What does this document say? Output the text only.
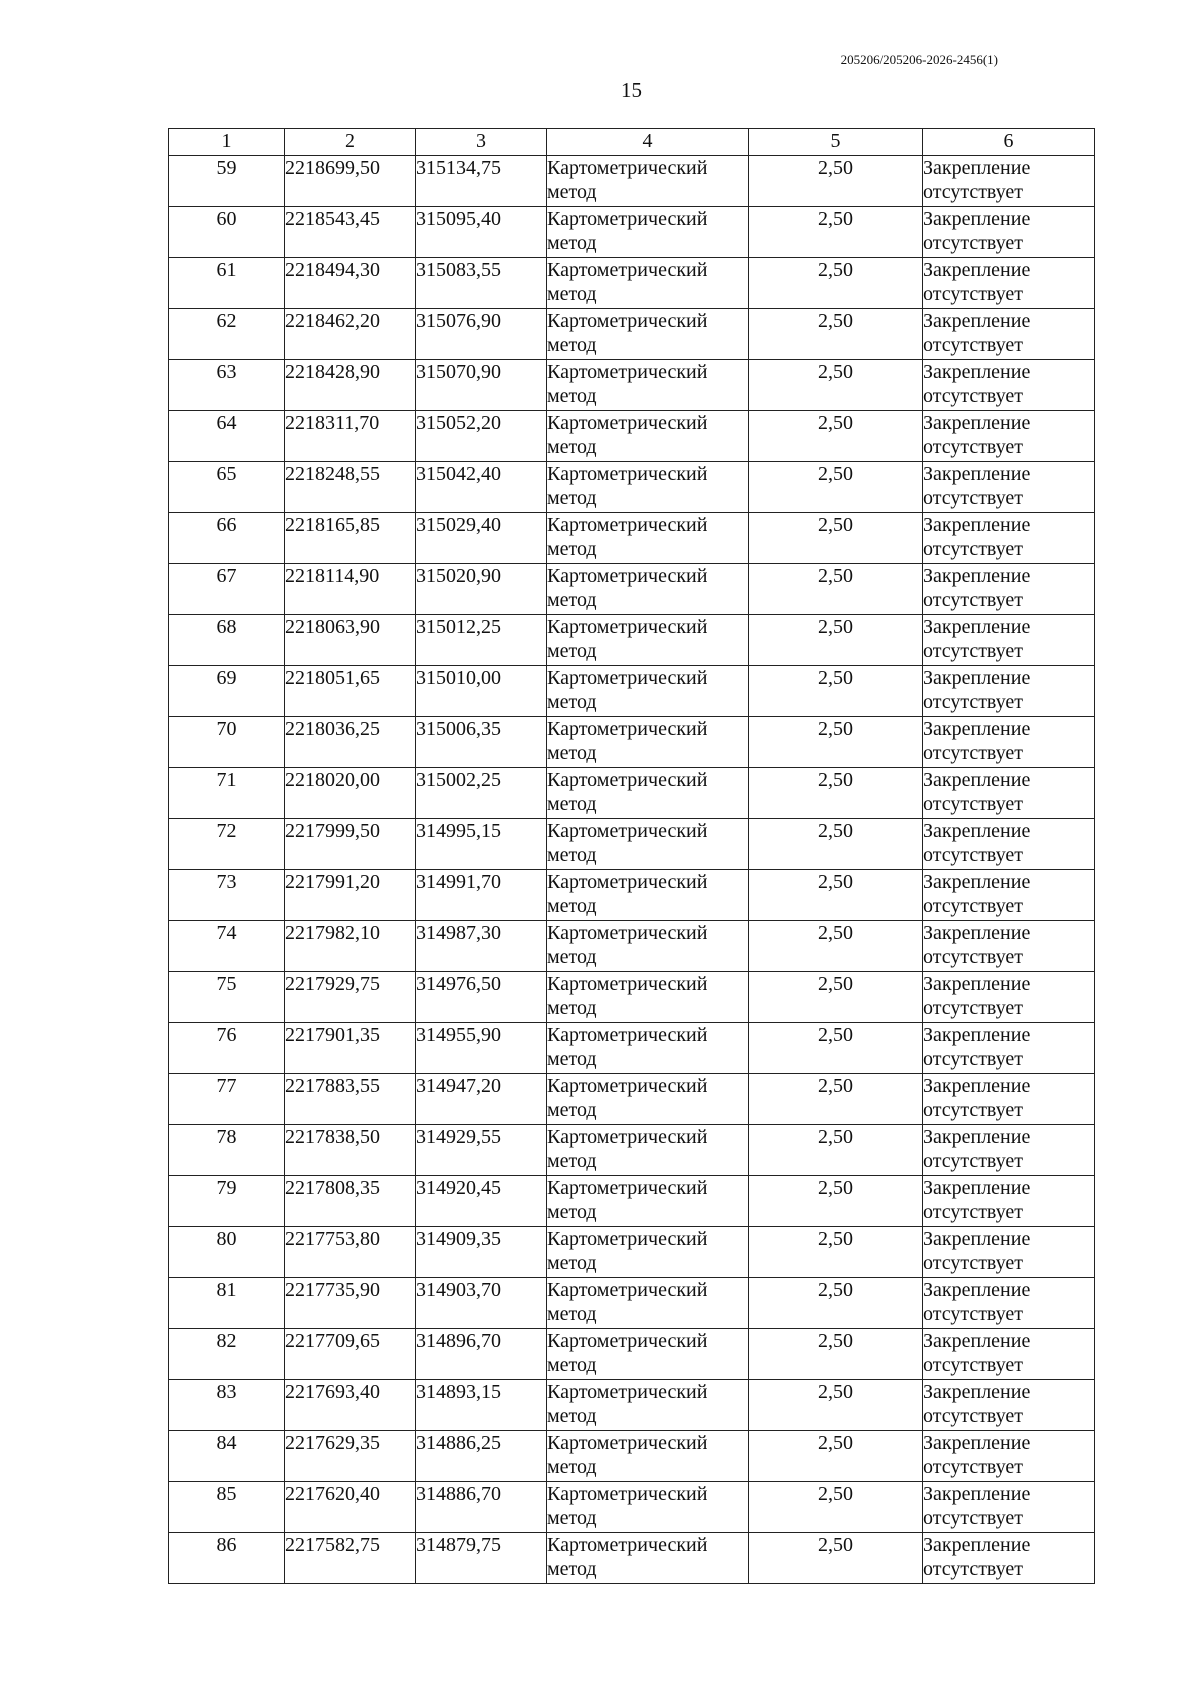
205206/205206-2026-2456(1)
15
1	2	3	4	5	6
59	2218699,50	315134,75	Картометрический метод	2,50	Закрепление отсутствует
60	2218543,45	315095,40	Картометрический метод	2,50	Закрепление отсутствует
61	2218494,30	315083,55	Картометрический метод	2,50	Закрепление отсутствует
62	2218462,20	315076,90	Картометрический метод	2,50	Закрепление отсутствует
63	2218428,90	315070,90	Картометрический метод	2,50	Закрепление отсутствует
64	2218311,70	315052,20	Картометрический метод	2,50	Закрепление отсутствует
65	2218248,55	315042,40	Картометрический метод	2,50	Закрепление отсутствует
66	2218165,85	315029,40	Картометрический метод	2,50	Закрепление отсутствует
67	2218114,90	315020,90	Картометрический метод	2,50	Закрепление отсутствует
68	2218063,90	315012,25	Картометрический метод	2,50	Закрепление отсутствует
69	2218051,65	315010,00	Картометрический метод	2,50	Закрепление отсутствует
70	2218036,25	315006,35	Картометрический метод	2,50	Закрепление отсутствует
71	2218020,00	315002,25	Картометрический метод	2,50	Закрепление отсутствует
72	2217999,50	314995,15	Картометрический метод	2,50	Закрепление отсутствует
73	2217991,20	314991,70	Картометрический метод	2,50	Закрепление отсутствует
74	2217982,10	314987,30	Картометрический метод	2,50	Закрепление отсутствует
75	2217929,75	314976,50	Картометрический метод	2,50	Закрепление отсутствует
76	2217901,35	314955,90	Картометрический метод	2,50	Закрепление отсутствует
77	2217883,55	314947,20	Картометрический метод	2,50	Закрепление отсутствует
78	2217838,50	314929,55	Картометрический метод	2,50	Закрепление отсутствует
79	2217808,35	314920,45	Картометрический метод	2,50	Закрепление отсутствует
80	2217753,80	314909,35	Картометрический метод	2,50	Закрепление отсутствует
81	2217735,90	314903,70	Картометрический метод	2,50	Закрепление отсутствует
82	2217709,65	314896,70	Картометрический метод	2,50	Закрепление отсутствует
83	2217693,40	314893,15	Картометрический метод	2,50	Закрепление отсутствует
84	2217629,35	314886,25	Картометрический метод	2,50	Закрепление отсутствует
85	2217620,40	314886,70	Картометрический метод	2,50	Закрепление отсутствует
86	2217582,75	314879,75	Картометрический метод	2,50	Закрепление отсутствует
